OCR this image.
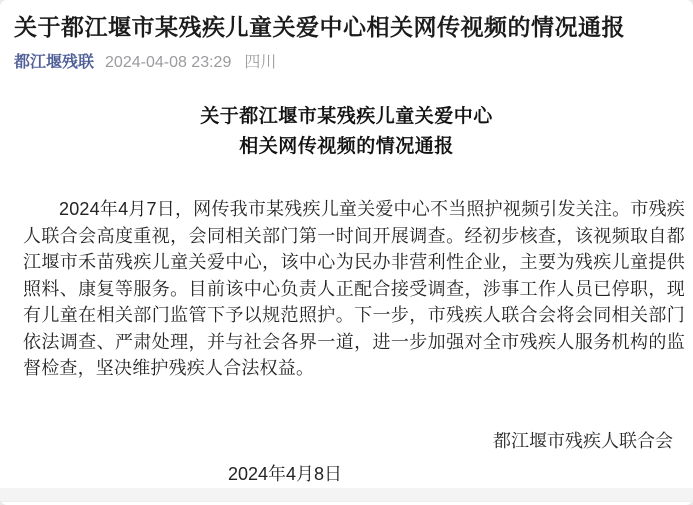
关于都江堰市某残疾儿童关爱中心相关网传视频的情况通报
都江堰残联 2024-04-08 23:29 四川
关于都江堰市某残疾儿童关爱中心
相关网传视频的情况通报

2024年4月7日，网传我市某残疾儿童关爱中心不当照护视频引发关注。市残疾人联合会高度重视，会同相关部门第一时间开展调查。经初步核查，该视频取自都江堰市禾苗残疾儿童关爱中心，该中心为民办非营利性企业，主要为残疾儿童提供照料、康复等服务。目前该中心负责人正配合接受调查，涉事工作人员已停职，现有儿童在相关部门监管下予以规范照护。下一步，市残疾人联合会将会同相关部门依法调查、严肃处理，并与社会各界一道，进一步加强对全市残疾人服务机构的监督检查，坚决维护残疾人合法权益。

都江堰市残疾人联合会
2024年4月8日
